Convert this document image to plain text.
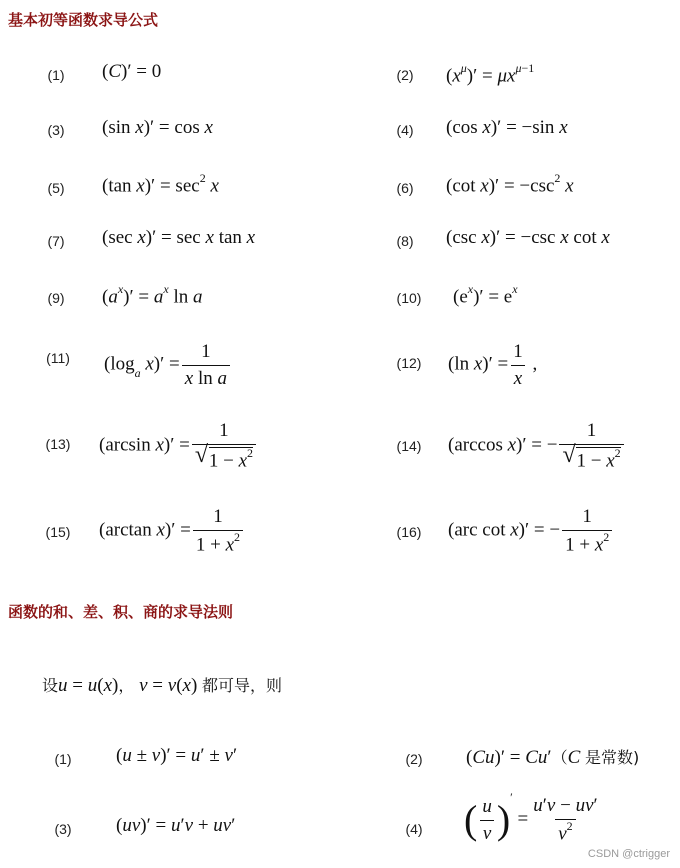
基本初等函数求导公式
(1)	(C)′ = 0	(2)	$(x^\mu)' = \mu x^{\mu-1}$
(3)	(sin x)′ = cos x	(4)	(cos x)′ = −sin x
(5)	(tan $x)' = \sec^2 x$	(6)	(cot $x)' = -\csc^2$ x
(7)	(sec x)′ = sec x tan x	(8)	(csc x)′ = −csc x cot x
(9)	$(a^x)' = a^x$ ln a	(10) $(e^x)' = e^x$
(11) ($\log_a$ $x)' = \frac{1}{\text{x ln a}}$	(12) (ln $x)' = \frac{1}{x}$ ,
(13) (arcsin $x)' = \frac{1}{√ 1 - x^2}$	(14) (arccos x)′ = − $\frac{1}{√ 1 - x^2}$
(15) (arctan $x)' = \frac{1}{1 + x^2}$	(16) (arc cot x)′ = − $\frac{1}{1 + x^2}$
函数的和、差、积、商的求导法则
设u = u(x)， v = v(x) 都可导，则
(1)	(u ± v)′ = u′ ± v′	(2)	(Cu)′ = Cu′（C 是常数)
(3)	(uv)′ = u′v + uv′	(4) ( $\frac{u}{v} )' = \frac{u'v - uv'}{v^2}$
CSDN @ctrigger
